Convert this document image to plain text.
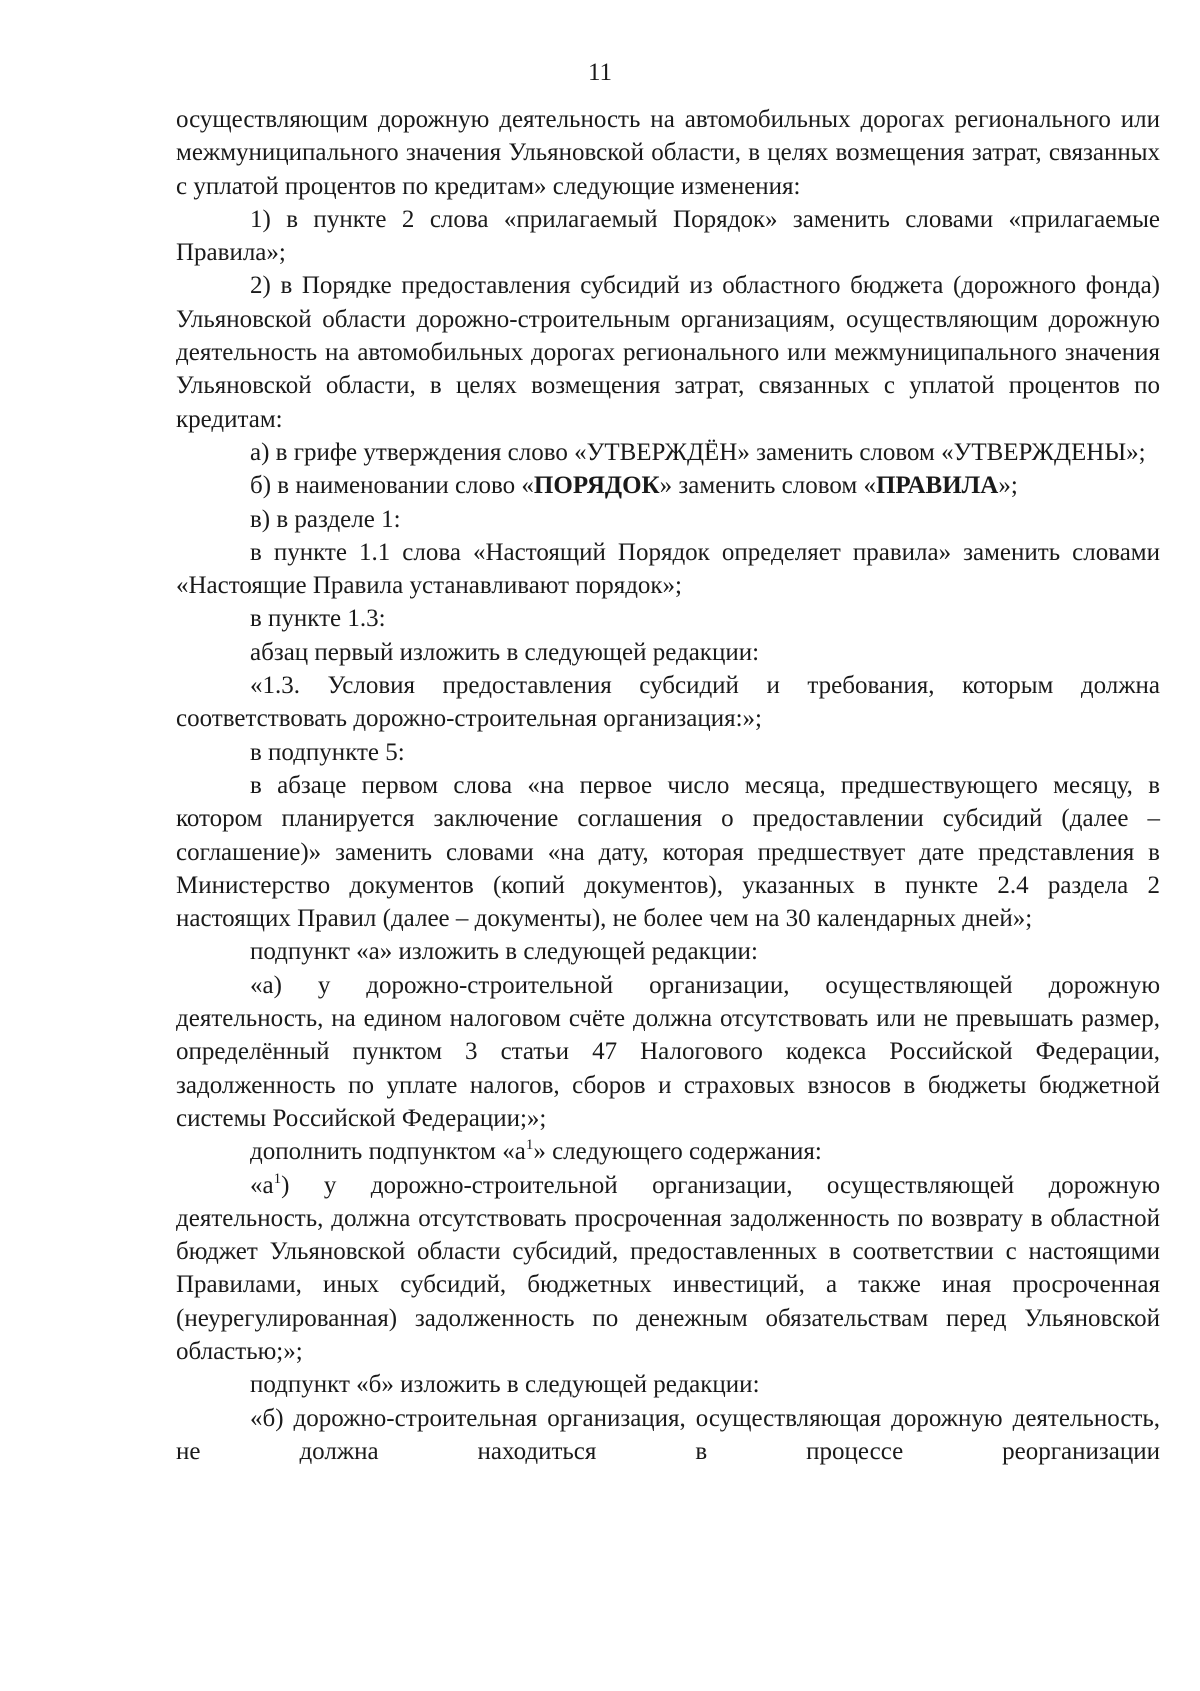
11

осуществляющим дорожную деятельность на автомобильных дорогах регионального или межмуниципального значения Ульяновской области, в целях возмещения затрат, связанных с уплатой процентов по кредитам» следующие изменения:

1) в пункте 2 слова «прилагаемый Порядок» заменить словами «прилагаемые Правила»;

2) в Порядке предоставления субсидий из областного бюджета (дорожного фонда) Ульяновской области дорожно-строительным организациям, осуществляющим дорожную деятельность на автомобильных дорогах регионального или межмуниципального значения Ульяновской области, в целях возмещения затрат, связанных с уплатой процентов по кредитам:

а) в грифе утверждения слово «УТВЕРЖДЁН» заменить словом «УТВЕРЖДЕНЫ»;

б) в наименовании слово «ПОРЯДОК» заменить словом «ПРАВИЛА»;

в) в разделе 1:

в пункте 1.1 слова «Настоящий Порядок определяет правила» заменить словами «Настоящие Правила устанавливают порядок»;

в пункте 1.3:

абзац первый изложить в следующей редакции:

«1.3. Условия предоставления субсидий и требования, которым должна соответствовать дорожно-строительная организация:»;

в подпункте 5:

в абзаце первом слова «на первое число месяца, предшествующего месяцу, в котором планируется заключение соглашения о предоставлении субсидий (далее – соглашение)» заменить словами «на дату, которая предшествует дате представления в Министерство документов (копий документов), указанных в пункте 2.4 раздела 2 настоящих Правил (далее – документы), не более чем на 30 календарных дней»;

подпункт «а» изложить в следующей редакции:

«а) у дорожно-строительной организации, осуществляющей дорожную деятельность, на едином налоговом счёте должна отсутствовать или не превышать размер, определённый пунктом 3 статьи 47 Налогового кодекса Российской Федерации, задолженность по уплате налогов, сборов и страховых взносов в бюджеты бюджетной системы Российской Федерации;»;

дополнить подпунктом «$а^1$» следующего содержания:

«$а^1$) у дорожно-строительной организации, осуществляющей дорожную деятельность, должна отсутствовать просроченная задолженность по возврату в областной бюджет Ульяновской области субсидий, предоставленных в соответствии с настоящими Правилами, иных субсидий, бюджетных инвестиций, а также иная просроченная (неурегулированная) задолженность по денежным обязательствам перед Ульяновской областью;»;

подпункт «б» изложить в следующей редакции:

«б) дорожно-строительная организация, осуществляющая дорожную деятельность, не должна находиться в процессе реорганизации
